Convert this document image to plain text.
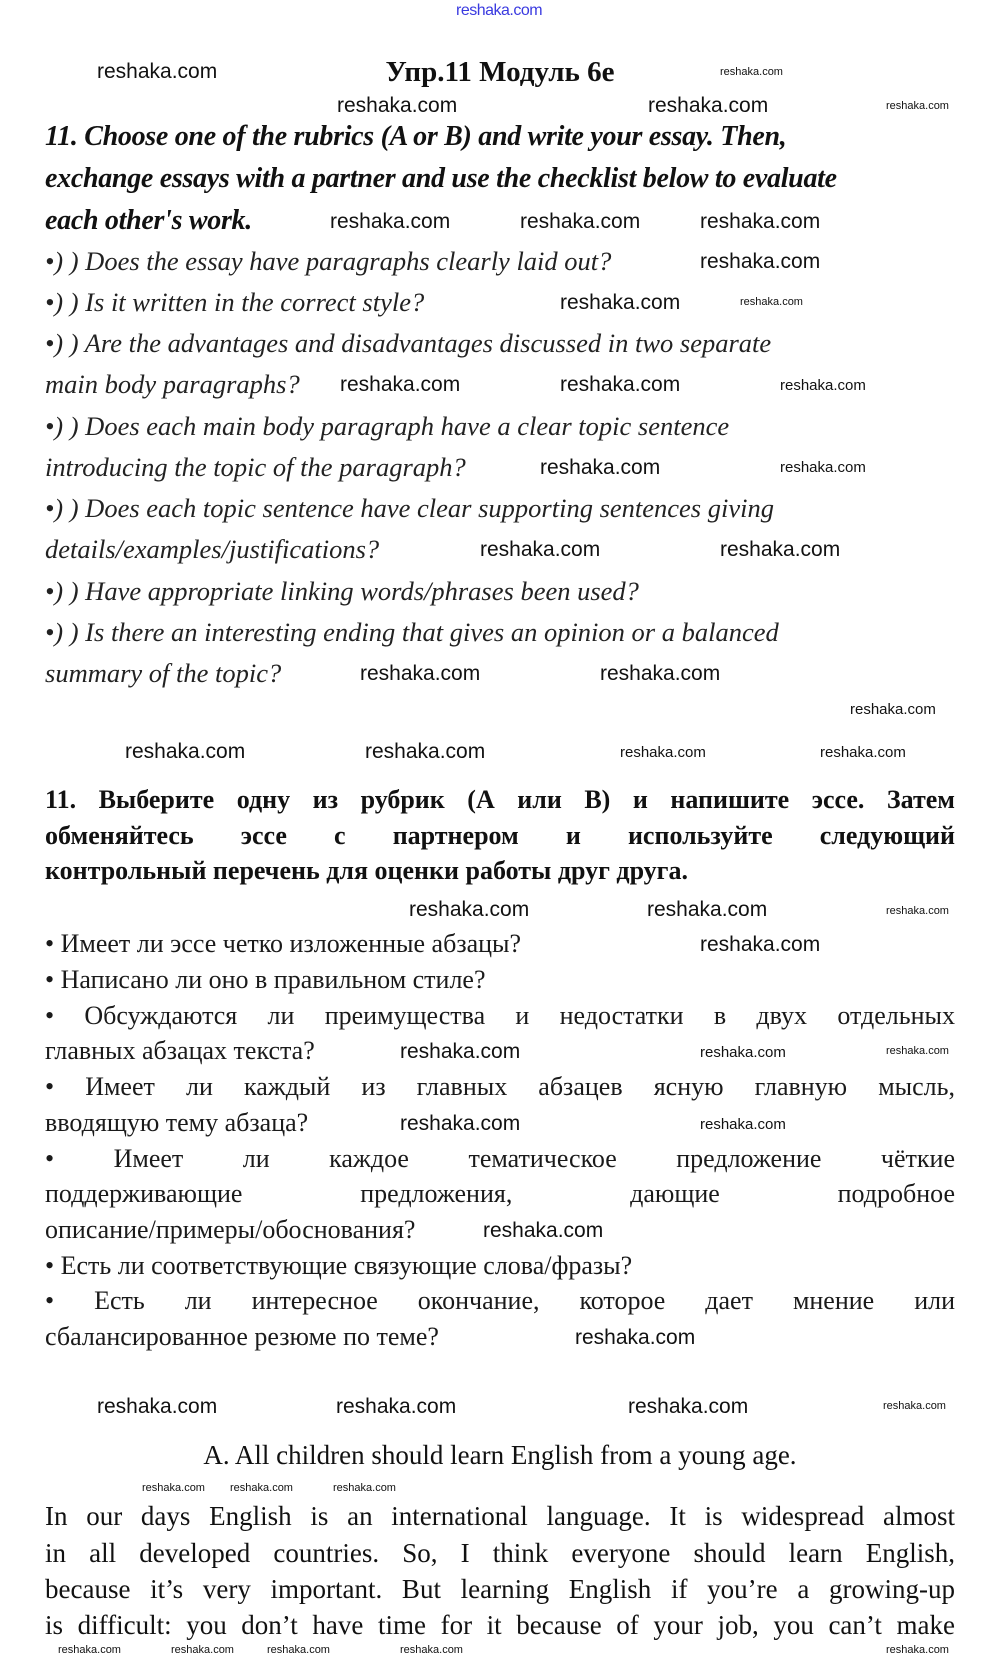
Упр.11 Модуль 6е
11. Choose one of the rubrics (A or B) and write your essay. Then,
exchange essays with a partner and use the checklist below to evaluate
each other's work.
•) ) Does the essay have paragraphs clearly laid out?
•) ) Is it written in the correct style?
•) ) Are the advantages and disadvantages discussed in two separate
main body paragraphs?
•) ) Does each main body paragraph have a clear topic sentence
introducing the topic of the paragraph?
•) ) Does each topic sentence have clear supporting sentences giving
details/examples/justifications?
•) ) Have appropriate linking words/phrases been used?
•) ) Is there an interesting ending that gives an opinion or a balanced
summary of the topic?
11. Выберите одну из рубрик (А или В) и напишите эссе. Затем
обменяйтесь эссе с партнером и используйте следующий
контрольный перечень для оценки работы друг друга.
• Имеет ли эссе четко изложенные абзацы?
• Написано ли оно в правильном стиле?
• Обсуждаются ли преимущества и недостатки в двух отдельных
главных абзацах текста?
• Имеет ли каждый из главных абзацев ясную главную мысль,
вводящую тему абзаца?
• Имеет ли каждое тематическое предложение чёткие
поддерживающие предложения, дающие подробное
описание/примеры/обоснования?
• Есть ли соответствующие связующие слова/фразы?
• Есть ли интересное окончание, которое дает мнение или
сбалансированное резюме по теме?
A. All children should learn English from a young age.
In our days English is an international language. It is widespread almost
in all developed countries. So, I think everyone should learn English,
because it’s very important. But learning English if you’re a growing-up
is difficult: you don’t have time for it because of your job, you can’t make
reshaka.com
reshaka.com	reshaka.com
reshaka.com
reshaka.com	reshaka.com	reshaka.com
reshaka.com
reshaka.com
reshaka.com	reshaka.com
reshaka.com
reshaka.com	reshaka.com
reshaka.com	reshaka.com
reshaka.com	reshaka.com
reshaka.com	reshaka.com
reshaka.com
reshaka.com
reshaka.com
reshaka.com
reshaka.com
reshaka.com	reshaka.com	reshaka.com
reshaka.com
reshaka.com
reshaka.com
reshaka.com
reshaka.com
reshaka.com	reshaka.com
reshaka.com
reshaka.com
reshaka.com
reshaka.com
reshaka.com
reshaka.com
reshaka.com reshaka.com	reshaka.com
reshaka.com	reshaka.com
reshaka.com	reshaka.com	reshaka.com
